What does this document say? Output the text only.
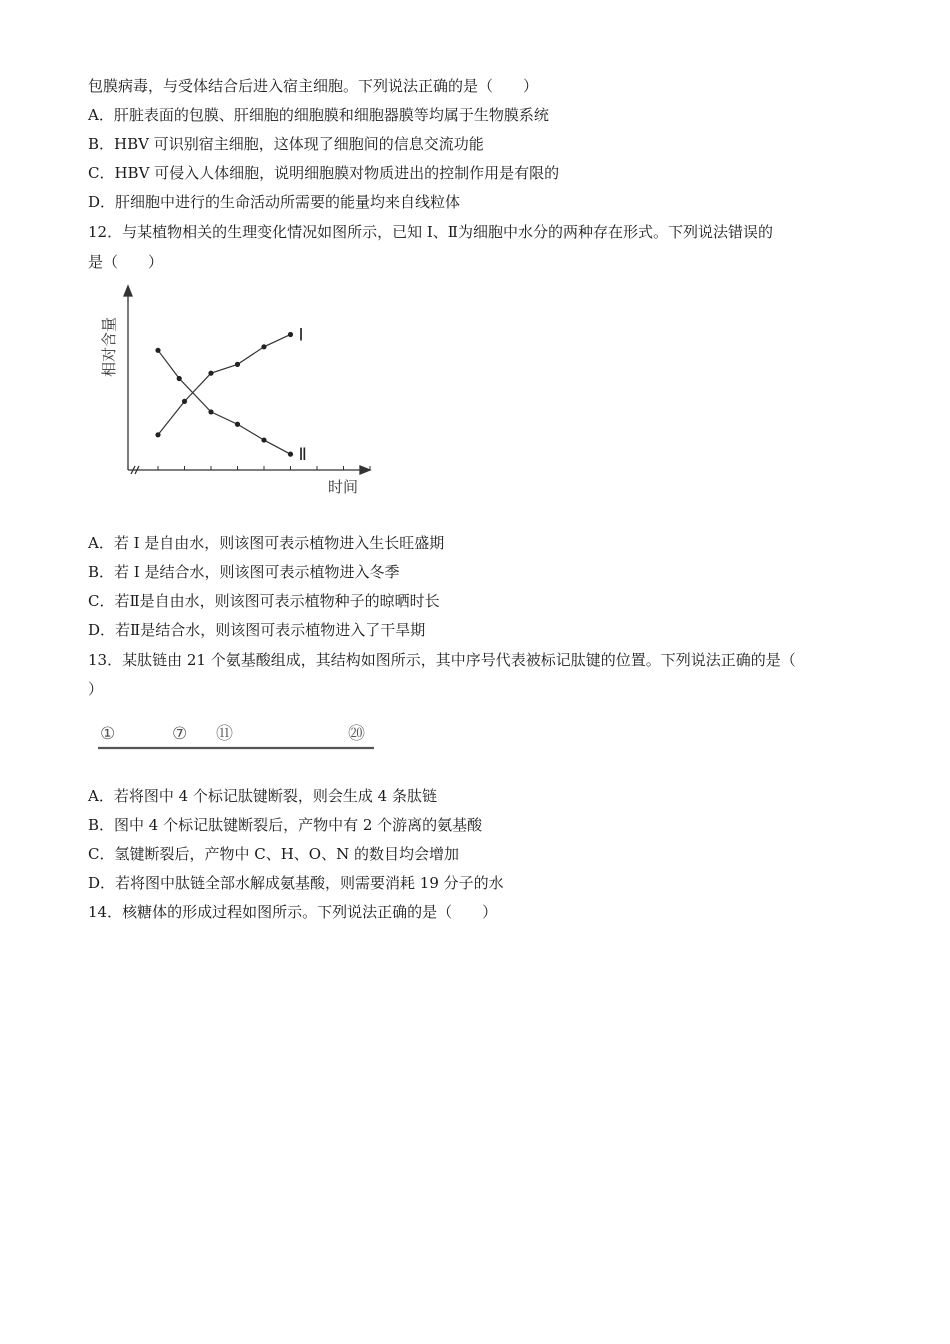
包膜病毒，与受体结合后进入宿主细胞。下列说法正确的是（　　）
A．肝脏表面的包膜、肝细胞的细胞膜和细胞器膜等均属于生物膜系统
B．HBV 可识别宿主细胞，这体现了细胞间的信息交流功能
C．HBV 可侵入人体细胞，说明细胞膜对物质进出的控制作用是有限的
D．肝细胞中进行的生命活动所需要的能量均来自线粒体
12．与某植物相关的生理变化情况如图所示，已知 I、Ⅱ为细胞中水分的两种存在形式。下列说法错误的
是（　　）
相对含量
时间
I
Ⅱ
A．若 I 是自由水，则该图可表示植物进入生长旺盛期
B．若 I 是结合水，则该图可表示植物进入冬季
C．若Ⅱ是自由水，则该图可表示植物种子的晾晒时长
D．若Ⅱ是结合水，则该图可表示植物进入了干旱期
13．某肽链由 21 个氨基酸组成，其结构如图所示，其中序号代表被标记肽键的位置。下列说法正确的是（
）
①	⑦ ⑪	⑳
A．若将图中 4 个标记肽键断裂，则会生成 4 条肽链
B．图中 4 个标记肽键断裂后，产物中有 2 个游离的氨基酸
C．氢键断裂后，产物中 C、H、O、N 的数目均会增加
D．若将图中肽链全部水解成氨基酸，则需要消耗 19 分子的水
14．核糖体的形成过程如图所示。下列说法正确的是（　　）
